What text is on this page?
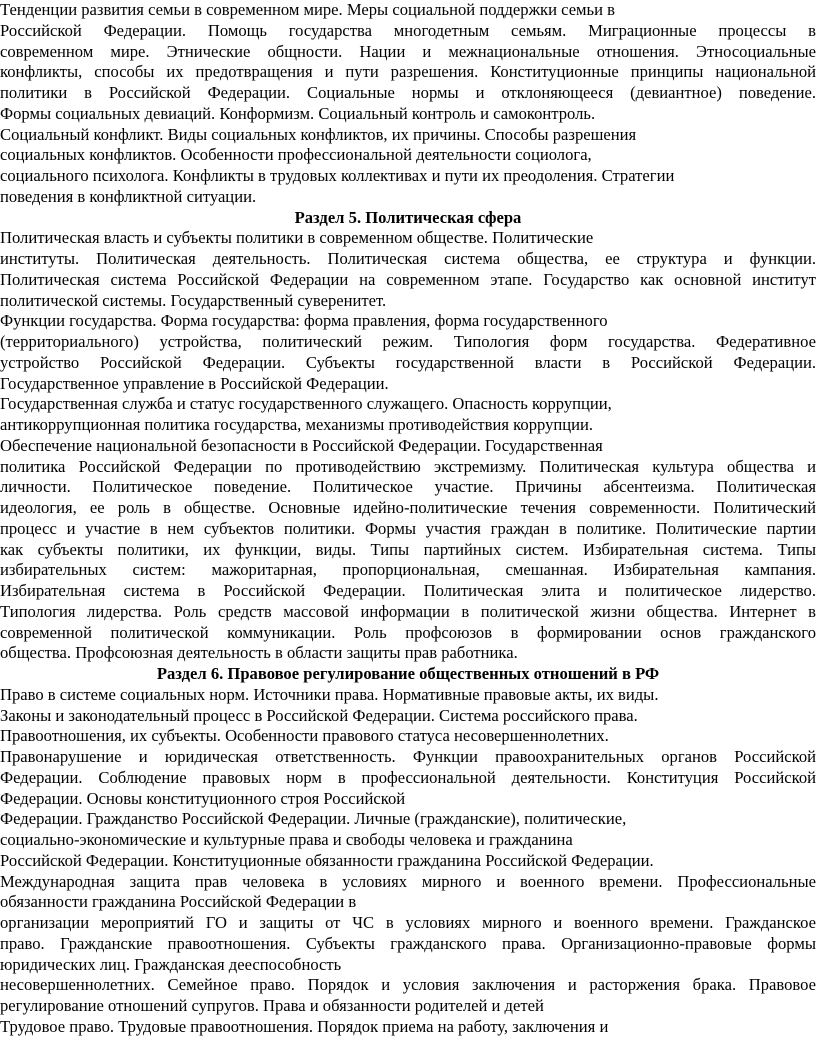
Тенденции развития семьи в современном мире. Меры социальной поддержки семьи в
Российской Федерации. Помощь государства многодетным семьям. Миграционные процессы в
современном мире. Этнические общности. Нации и межнациональные отношения. Этносоциальные
конфликты, способы их предотвращения и пути разрешения. Конституционные принципы национальной
политики в Российской Федерации. Социальные нормы и отклоняющееся (девиантное) поведение.
Формы социальных девиаций. Конформизм. Социальный контроль и самоконтроль.
Социальный конфликт. Виды социальных конфликтов, их причины. Способы разрешения
социальных конфликтов. Особенности профессиональной деятельности социолога,
социального психолога. Конфликты в трудовых коллективах и пути их преодоления. Стратегии
поведения в конфликтной ситуации.
Раздел 5. Политическая сфера
Политическая власть и субъекты политики в современном обществе. Политические
институты. Политическая деятельность. Политическая система общества, ее структура и функции.
Политическая система Российской Федерации на современном этапе. Государство как основной институт
политической системы. Государственный суверенитет.
Функции государства. Форма государства: форма правления, форма государственного
(территориального) устройства, политический режим. Типология форм государства. Федеративное
устройство Российской Федерации. Субъекты государственной власти в Российской Федерации.
Государственное управление в Российской Федерации.
Государственная служба и статус государственного служащего. Опасность коррупции,
антикоррупционная политика государства, механизмы противодействия коррупции.
Обеспечение национальной безопасности в Российской Федерации. Государственная
политика Российской Федерации по противодействию экстремизму. Политическая культура общества и
личности. Политическое поведение. Политическое участие. Причины абсентеизма. Политическая
идеология, ее роль в обществе. Основные идейно-политические течения современности. Политический
процесс и участие в нем субъектов политики. Формы участия граждан в политике. Политические партии
как субъекты политики, их функции, виды. Типы партийных систем. Избирательная система. Типы
избирательных систем: мажоритарная, пропорциональная, смешанная. Избирательная кампания.
Избирательная система в Российской Федерации. Политическая элита и политическое лидерство.
Типология лидерства. Роль средств массовой информации в политической жизни общества. Интернет в
современной политической коммуникации. Роль профсоюзов в формировании основ гражданского
общества. Профсоюзная деятельность в области защиты прав работника.
Раздел 6. Правовое регулирование общественных отношений в РФ
Право в системе социальных норм. Источники права. Нормативные правовые акты, их виды.
Законы и законодательный процесс в Российской Федерации. Система российского права.
Правоотношения, их субъекты. Особенности правового статуса несовершеннолетних.
Правонарушение и юридическая ответственность. Функции правоохранительных органов Российской
Федерации. Соблюдение правовых норм в профессиональной деятельности. Конституция Российской
Федерации. Основы конституционного строя Российской
Федерации. Гражданство Российской Федерации. Личные (гражданские), политические,
социально-экономические и культурные права и свободы человека и гражданина
Российской Федерации. Конституционные обязанности гражданина Российской Федерации.
Международная защита прав человека в условиях мирного и военного времени. Профессиональные
обязанности гражданина Российской Федерации в
организации мероприятий ГО и защиты от ЧС в условиях мирного и военного времени. Гражданское
право. Гражданские правоотношения. Субъекты гражданского права. Организационно-правовые формы
юридических лиц. Гражданская дееспособность
несовершеннолетних. Семейное право. Порядок и условия заключения и расторжения брака. Правовое
регулирование отношений супругов. Права и обязанности родителей и детей
Трудовое право. Трудовые правоотношения. Порядок приема на работу, заключения и
